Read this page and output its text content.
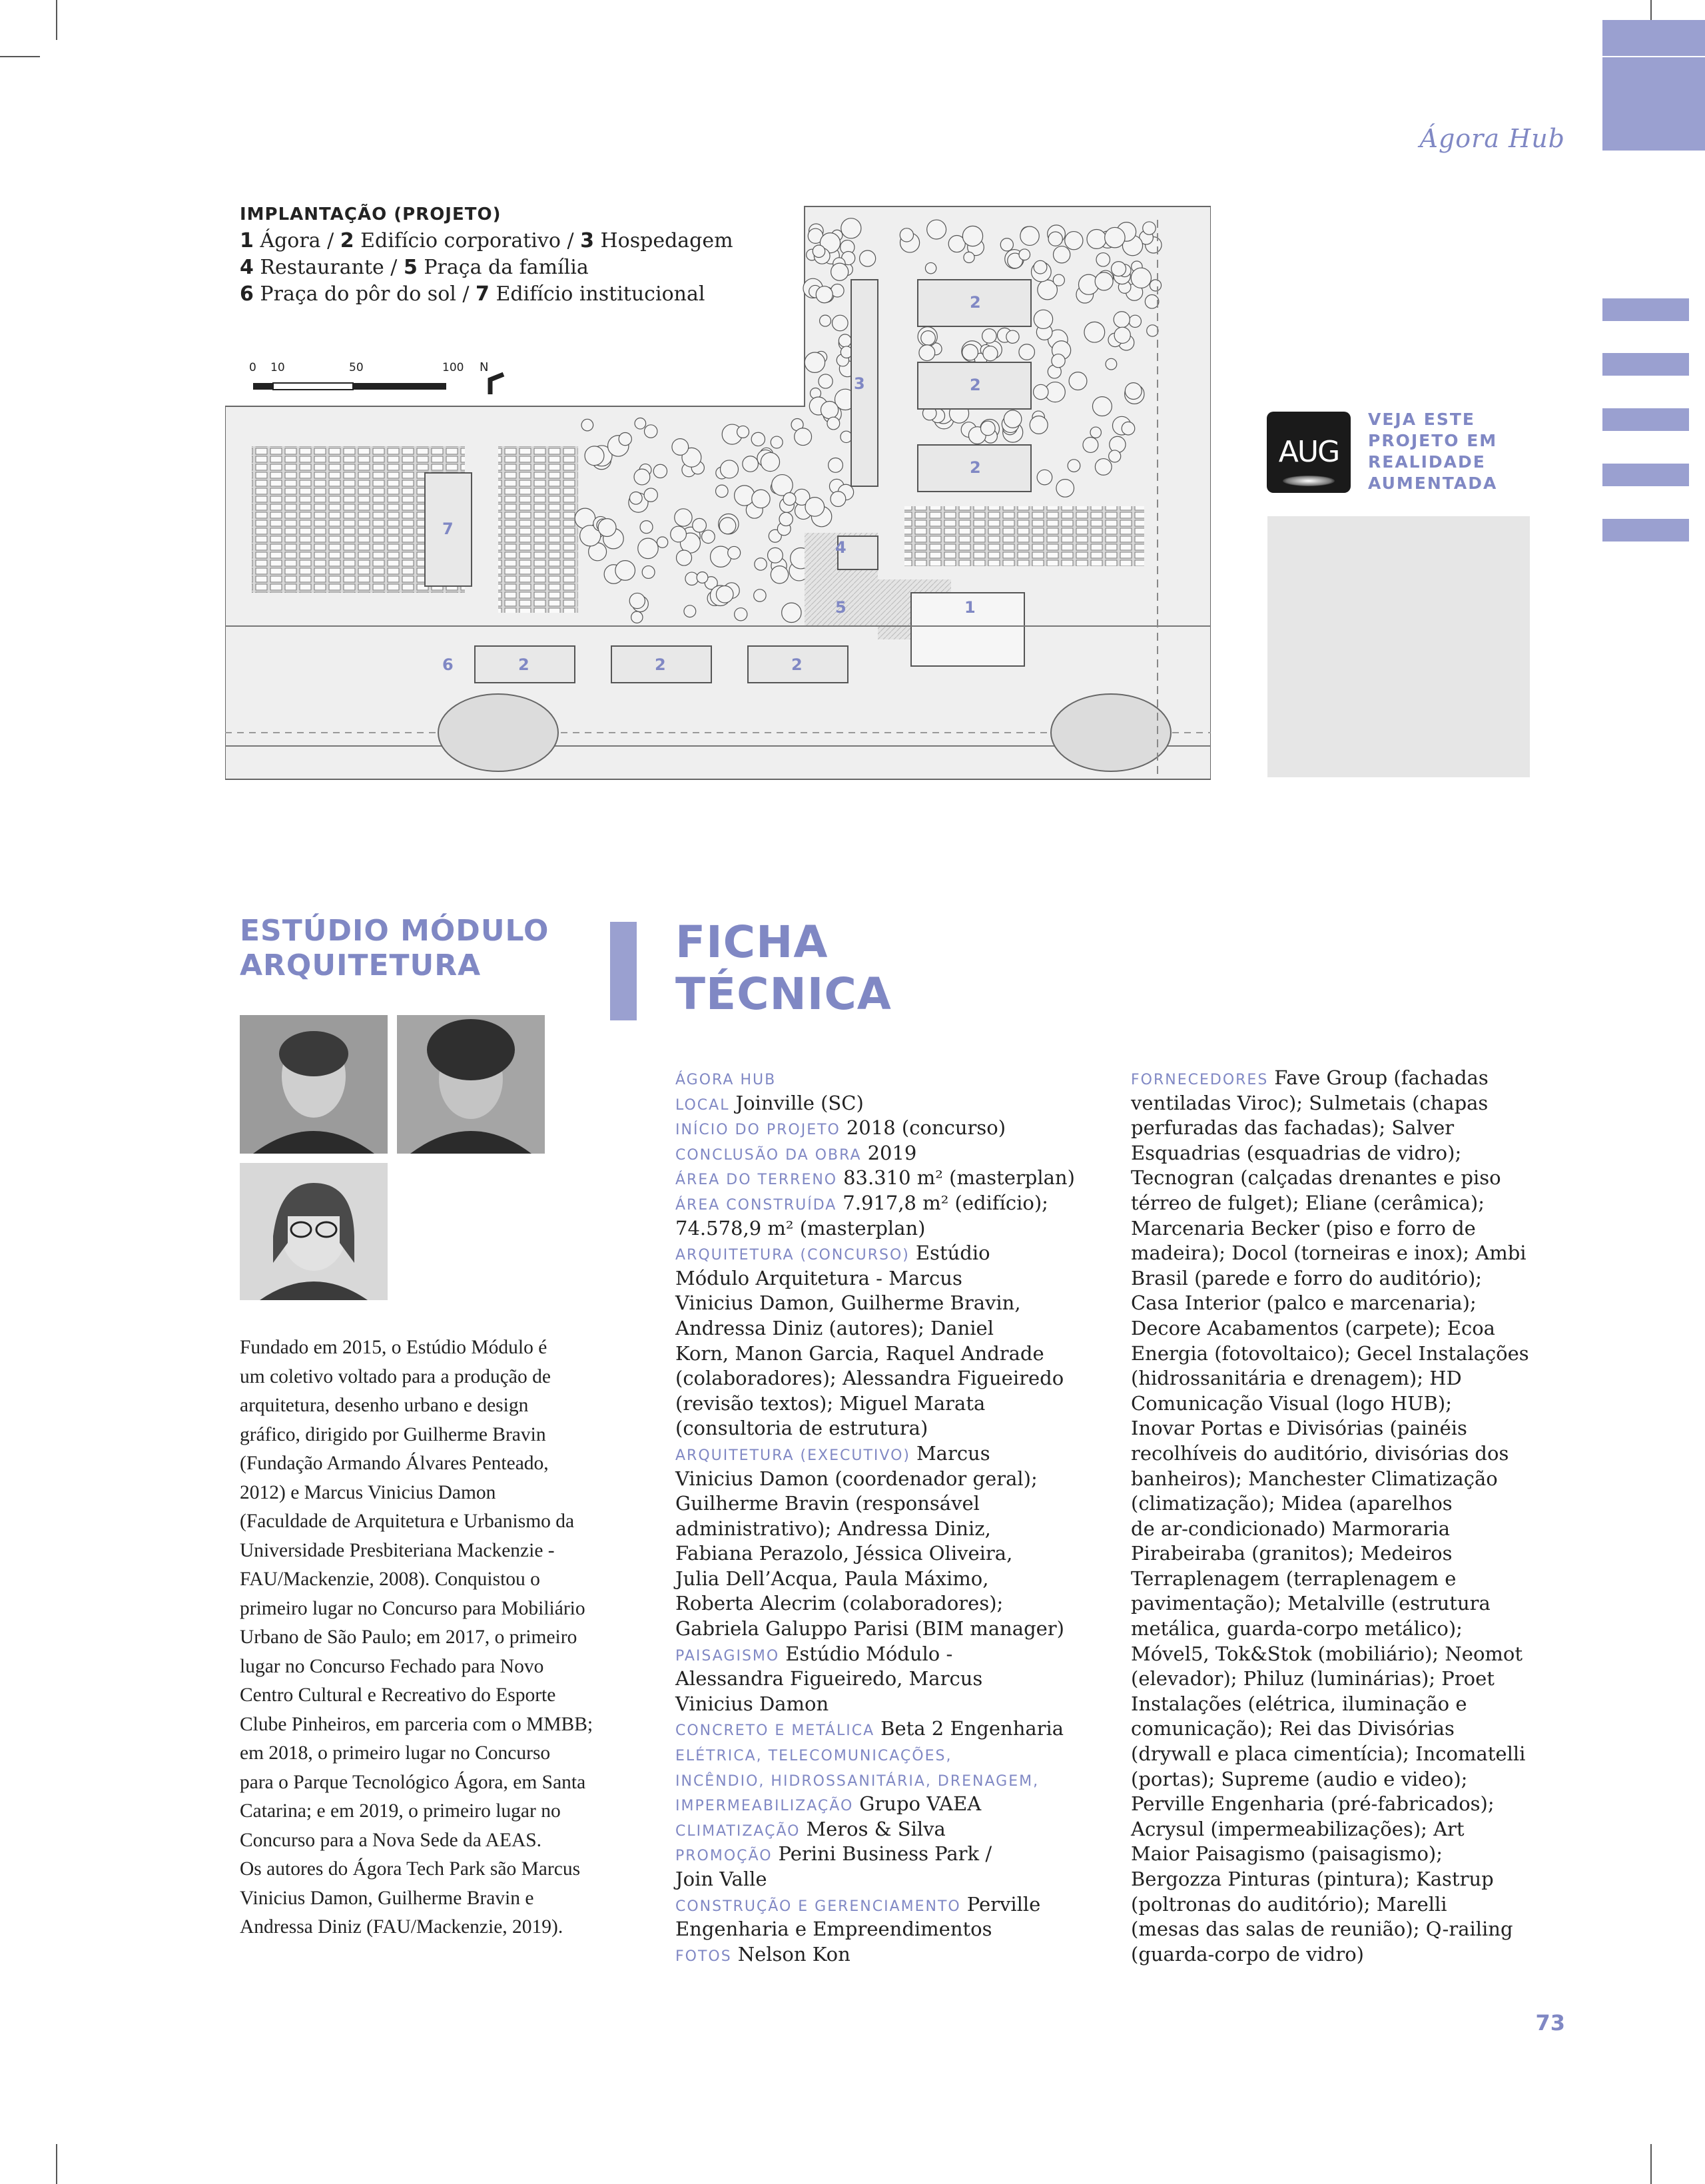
Ágora Hub
IMPLANTAÇÃO (PROJETO)
1 Ágora / 2 Edifício corporativo / 3 Hospedagem
4 Restaurante / 5 Praça da família
6 Praça do pôr do sol / 7 Edifício institucional
0 10	50	100 N
1
2
2
2
2	2	2
3
4
5
6
7
AUG
VEJA ESTE PROJETO EM REALIDADE AUMENTADA
ESTÚDIO MÓDULO
ARQUITETURA
Fundado em 2015, o Estúdio Módulo é
um coletivo voltado para a produção de
arquitetura, desenho urbano e design
gráfico, dirigido por Guilherme Bravin
(Fundação Armando Álvares Penteado,
2012) e Marcus Vinicius Damon
(Faculdade de Arquitetura e Urbanismo da
Universidade Presbiteriana Mackenzie -
FAU/Mackenzie, 2008). Conquistou o
primeiro lugar no Concurso para Mobiliário
Urbano de São Paulo; em 2017, o primeiro
lugar no Concurso Fechado para Novo
Centro Cultural e Recreativo do Esporte
Clube Pinheiros, em parceria com o MMBB;
em 2018, o primeiro lugar no Concurso
para o Parque Tecnológico Ágora, em Santa
Catarina; e em 2019, o primeiro lugar no
Concurso para a Nova Sede da AEAS.
Os autores do Ágora Tech Park são Marcus
Vinicius Damon, Guilherme Bravin e
Andressa Diniz (FAU/Mackenzie, 2019).
FICHA
TÉCNICA
ÁGORA HUB
LOCAL Joinville (SC)
INÍCIO DO PROJETO 2018 (concurso)
CONCLUSÃO DA OBRA 2019
ÁREA DO TERRENO 83.310 m² (masterplan)
ÁREA CONSTRUÍDA 7.917,8 m² (edifício);
74.578,9 m² (masterplan)
ARQUITETURA (CONCURSO) Estúdio
Módulo Arquitetura - Marcus
Vinicius Damon, Guilherme Bravin,
Andressa Diniz (autores); Daniel
Korn, Manon Garcia, Raquel Andrade
(colaboradores); Alessandra Figueiredo
(revisão textos); Miguel Marata
(consultoria de estrutura)
ARQUITETURA (EXECUTIVO) Marcus
Vinicius Damon (coordenador geral);
Guilherme Bravin (responsável
administrativo); Andressa Diniz,
Fabiana Perazolo, Jéssica Oliveira,
Julia Dell’Acqua, Paula Máximo,
Roberta Alecrim (colaboradores);
Gabriela Galuppo Parisi (BIM manager)
PAISAGISMO Estúdio Módulo -
Alessandra Figueiredo, Marcus
Vinicius Damon
CONCRETO E METÁLICA Beta 2 Engenharia
ELÉTRICA, TELECOMUNICAÇÕES,
INCÊNDIO, HIDROSSANITÁRIA, DRENAGEM,
IMPERMEABILIZAÇÃO Grupo VAEA
CLIMATIZAÇÃO Meros & Silva
PROMOÇÃO Perini Business Park /
Join Valle
CONSTRUÇÃO E GERENCIAMENTO Perville
Engenharia e Empreendimentos
FOTOS Nelson Kon
FORNECEDORES Fave Group (fachadas
ventiladas Viroc); Sulmetais (chapas
perfuradas das fachadas); Salver
Esquadrias (esquadrias de vidro);
Tecnogran (calçadas drenantes e piso
térreo de fulget); Eliane (cerâmica);
Marcenaria Becker (piso e forro de
madeira); Docol (torneiras e inox); Ambi
Brasil (parede e forro do auditório);
Casa Interior (palco e marcenaria);
Decore Acabamentos (carpete); Ecoa
Energia (fotovoltaico); Gecel Instalações
(hidrossanitária e drenagem); HD
Comunicação Visual (logo HUB);
Inovar Portas e Divisórias (painéis
recolhíveis do auditório, divisórias dos
banheiros); Manchester Climatização
(climatização); Midea (aparelhos
de ar-condicionado) Marmoraria
Pirabeiraba (granitos); Medeiros
Terraplenagem (terraplenagem e
pavimentação); Metalville (estrutura
metálica, guarda-corpo metálico);
Móvel5, Tok&Stok (mobiliário); Neomot
(elevador); Philuz (luminárias); Proet
Instalações (elétrica, iluminação e
comunicação); Rei das Divisórias
(drywall e placa cimentícia); Incomatelli
(portas); Supreme (audio e video);
Perville Engenharia (pré-fabricados);
Acrysul (impermeabilizações); Art
Maior Paisagismo (paisagismo);
Bergozza Pinturas (pintura); Kastrup
(poltronas do auditório); Marelli
(mesas das salas de reunião); Q-railing
(guarda-corpo de vidro)
73
